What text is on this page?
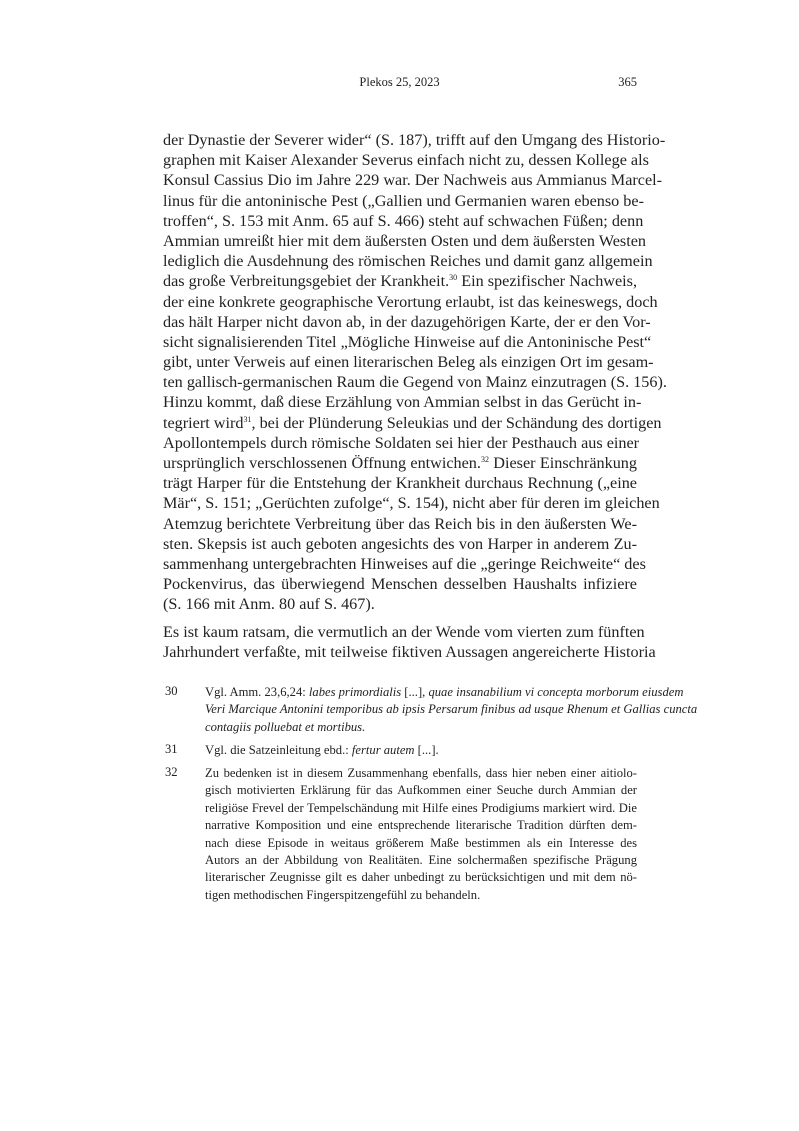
Plekos 25, 2023	365
der Dynastie der Severer wider“ (S. 187), trifft auf den Umgang des Historio-
graphen mit Kaiser Alexander Severus einfach nicht zu, dessen Kollege als
Konsul Cassius Dio im Jahre 229 war. Der Nachweis aus Ammianus Marcel-
linus für die antoninische Pest („Gallien und Germanien waren ebenso be-
troffen“, S. 153 mit Anm. 65 auf S. 466) steht auf schwachen Füßen; denn
Ammian umreißt hier mit dem äußersten Osten und dem äußersten Westen
lediglich die Ausdehnung des römischen Reiches und damit ganz allgemein
das große Verbreitungsgebiet der Krankheit.$^{30}$ Ein spezifischer Nachweis,
der eine konkrete geographische Verortung erlaubt, ist das keineswegs, doch
das hält Harper nicht davon ab, in der dazugehörigen Karte, der er den Vor-
sicht signalisierenden Titel „Mögliche Hinweise auf die Antoninische Pest“
gibt, unter Verweis auf einen literarischen Beleg als einzigen Ort im gesam-
ten gallisch-germanischen Raum die Gegend von Mainz einzutragen (S. 156).
Hinzu kommt, daß diese Erzählung von Ammian selbst in das Gerücht in-
tegriert wird$^{31}$, bei der Plünderung Seleukias und der Schändung des dortigen
Apollontempels durch römische Soldaten sei hier der Pesthauch aus einer
ursprünglich verschlossenen Öffnung entwichen.$^{32}$ Dieser Einschränkung
trägt Harper für die Entstehung der Krankheit durchaus Rechnung („eine
Mär“, S. 151; „Gerüchten zufolge“, S. 154), nicht aber für deren im gleichen
Atemzug berichtete Verbreitung über das Reich bis in den äußersten We-
sten. Skepsis ist auch geboten angesichts des von Harper in anderem Zu-
sammenhang untergebrachten Hinweises auf die „geringe Reichweite“ des
Pockenvirus, das überwiegend Menschen desselben Haushalts infiziere
(S. 166 mit Anm. 80 auf S. 467).
Es ist kaum ratsam, die vermutlich an der Wende vom vierten zum fünften
Jahrhundert verfaßte, mit teilweise fiktiven Aussagen angereicherte Historia
30 Vgl. Amm. 23,6,24: labes primordialis [...], quae insanabilium vi concepta morborum eiusdem
Veri Marcique Antonini temporibus ab ipsis Persarum finibus ad usque Rhenum et Gallias cuncta
contagiis polluebat et mortibus.
31 Vgl. die Satzeinleitung ebd.: fertur autem [...].
32 Zu bedenken ist in diesem Zusammenhang ebenfalls, dass hier neben einer aitiolo-
gisch motivierten Erklärung für das Aufkommen einer Seuche durch Ammian der
religiöse Frevel der Tempelschändung mit Hilfe eines Prodigiums markiert wird. Die
narrative Komposition und eine entsprechende literarische Tradition dürften dem-
nach diese Episode in weitaus größerem Maße bestimmen als ein Interesse des
Autors an der Abbildung von Realitäten. Eine solchermaßen spezifische Prägung
literarischer Zeugnisse gilt es daher unbedingt zu berücksichtigen und mit dem nö-
tigen methodischen Fingerspitzengefühl zu behandeln.
